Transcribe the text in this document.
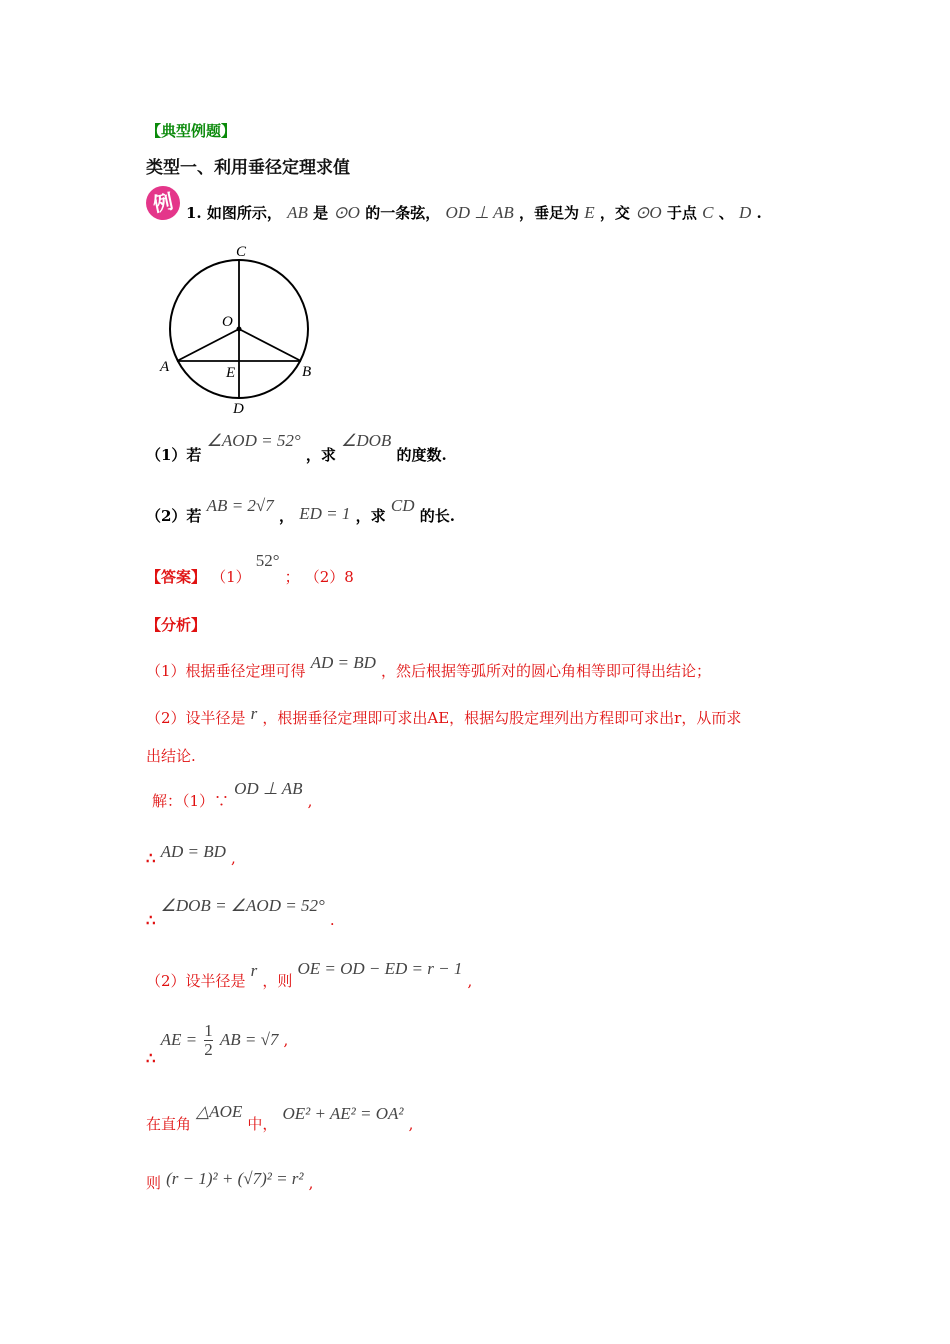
【典型例题】
类型一、利用垂径定理求值
例 1. 如图所示， AB 是 ⊙O 的一条弦， OD ⊥ AB ，垂足为 E ，交 ⊙O 于点 C 、 D .
C
O
A	E	B
D
（1）若 ∠AOD = 52° ，求 ∠DOB 的度数.
（2）若 AB = 2√7 ， ED = 1 ，求 CD 的长.
【答案】 （1） 52° ； （2）8
【分析】
（1）根据垂径定理可得 AD = BD ，然后根据等弧所对的圆心角相等即可得出结论；
（2）设半径是 r ，根据垂径定理即可求出AE，根据勾股定理列出方程即可求出r，从而求
出结论.
解：（1）∵ OD ⊥ AB ,
∴ AD = BD ,
∴ ∠DOB = ∠AOD = 52° .
（2）设半径是 r ，则 OE = OD − ED = r − 1 ,
∴ AE = $\frac{1}{2}$ AB = √7 ,
在直角 △AOE 中， OE² + AE² = OA² ,
则 (r − 1)² + (√7)² = r² ,
